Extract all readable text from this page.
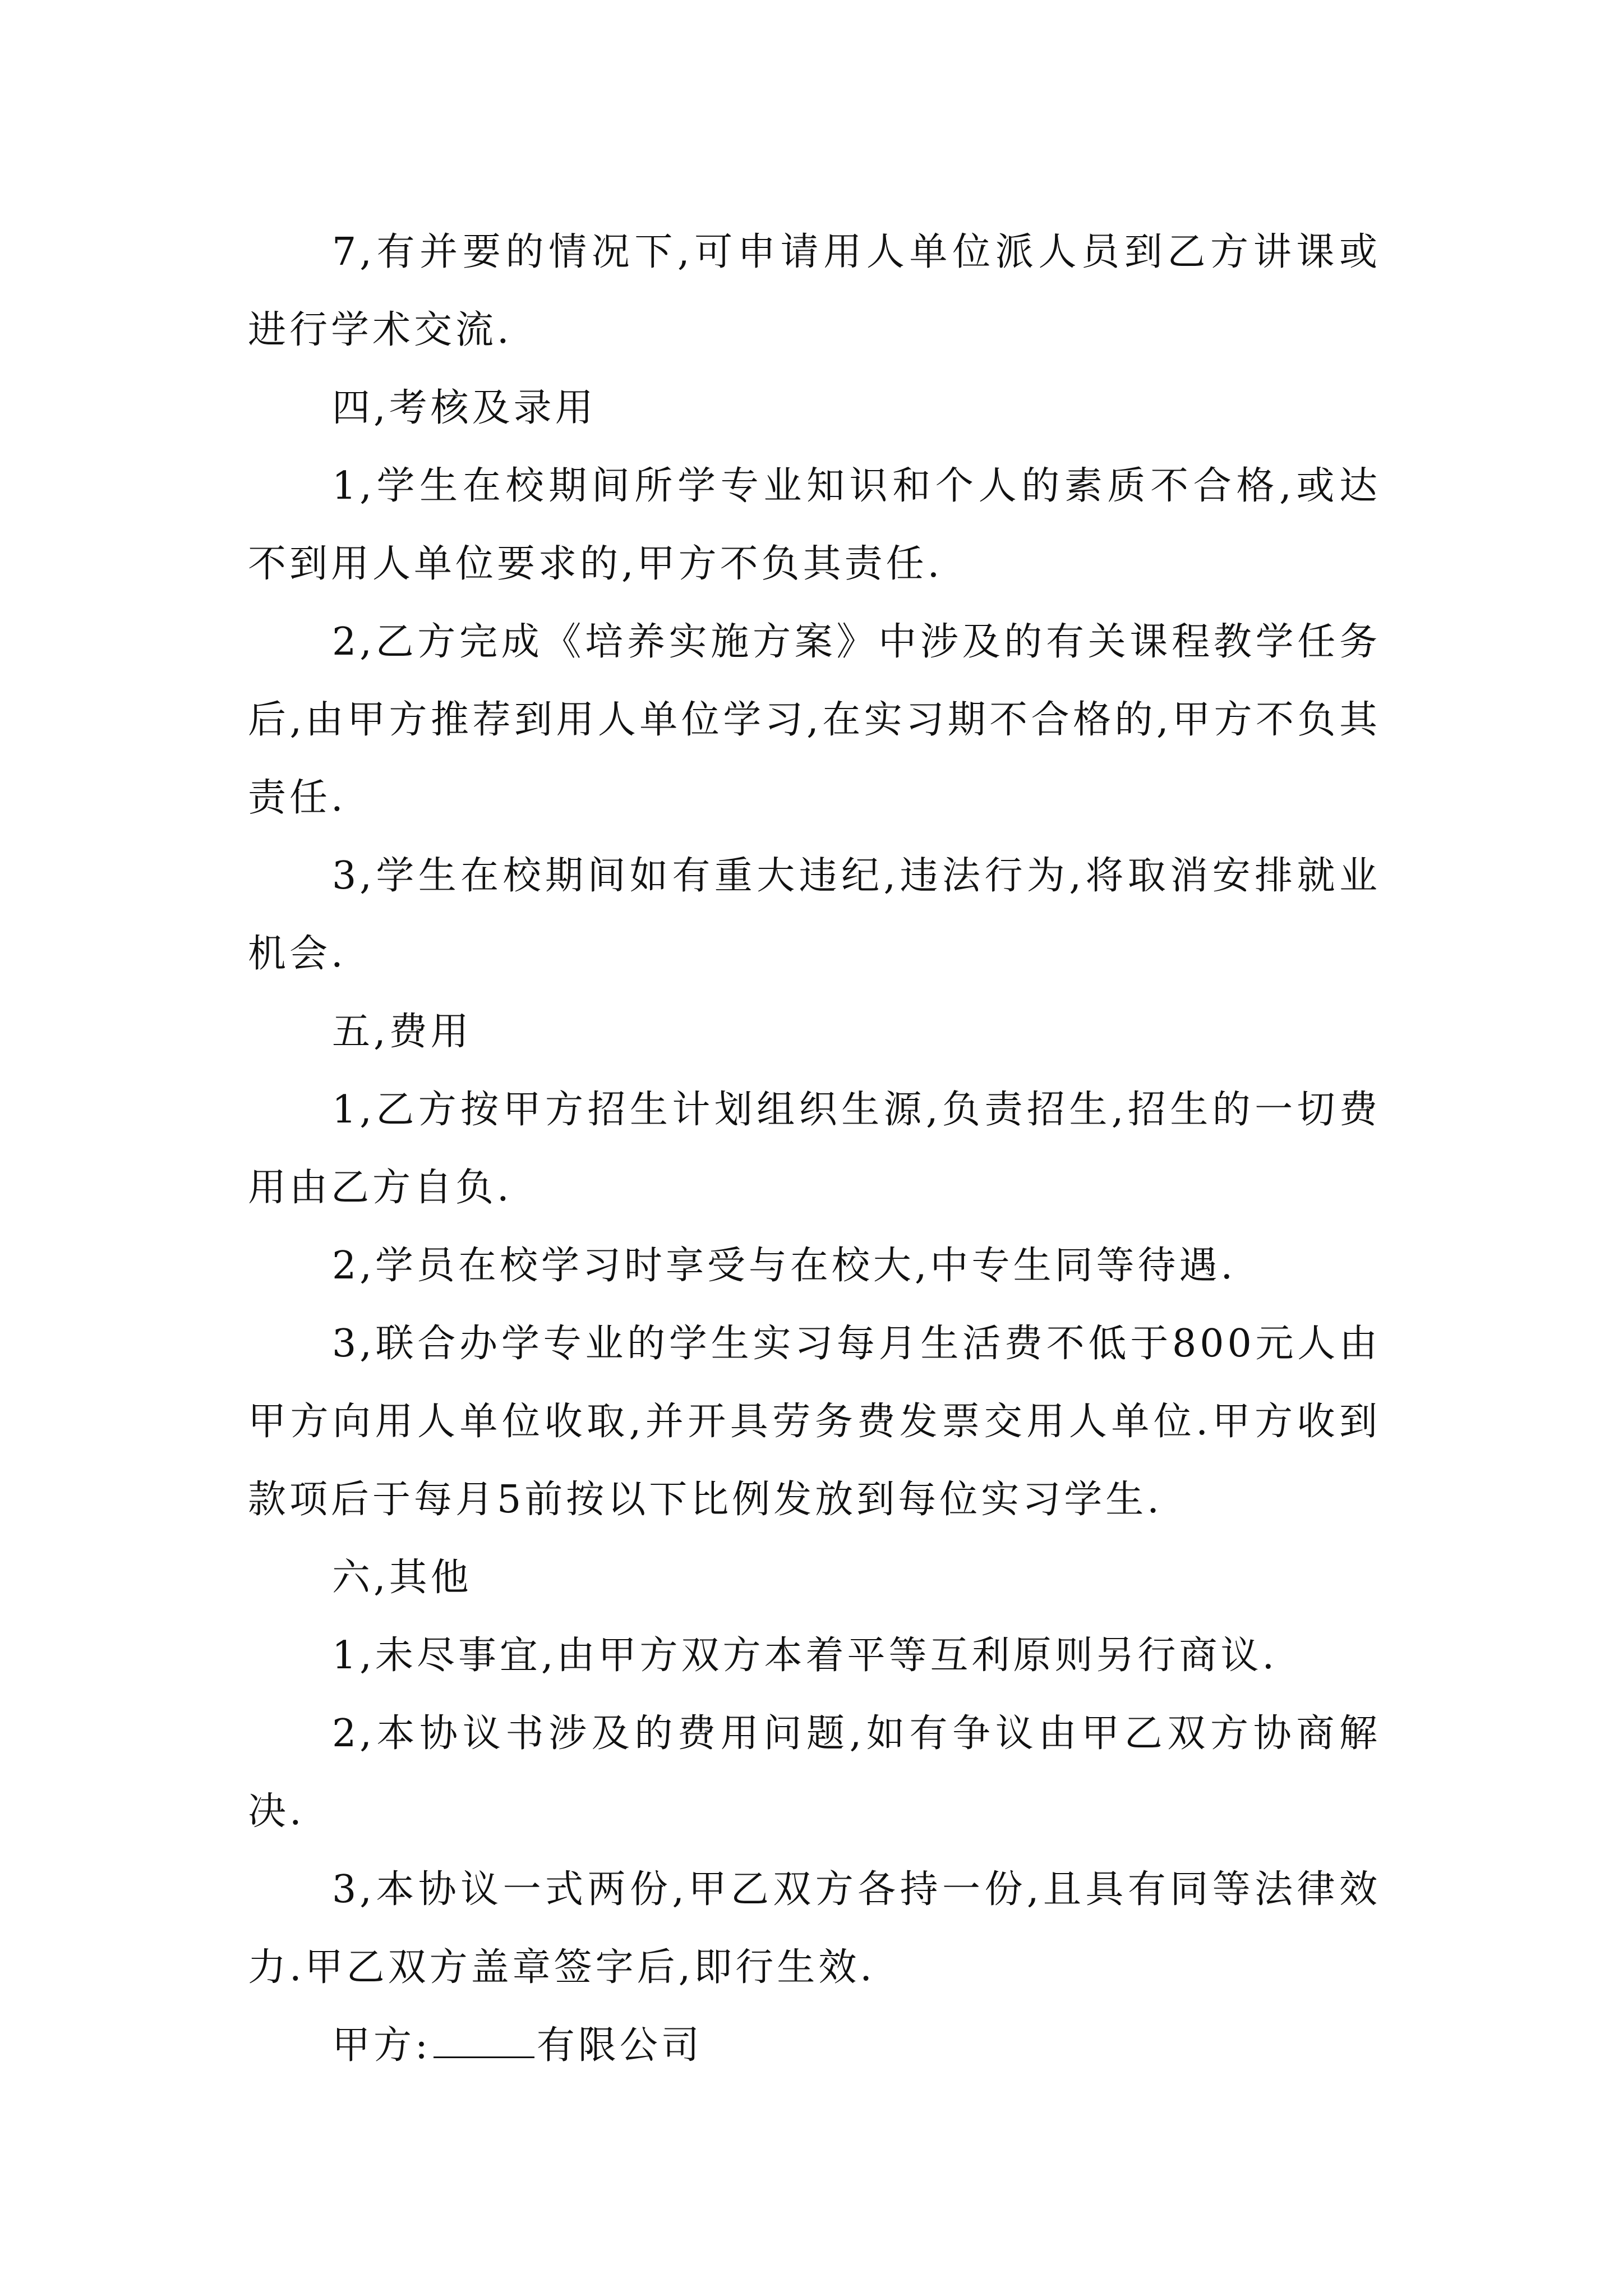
7,有并要的情况下,可申请用人单位派人员到乙方讲课或进行学术交流.

四,考核及录用

1,学生在校期间所学专业知识和个人的素质不合格,或达不到用人单位要求的,甲方不负其责任.

2,乙方完成《培养实施方案》中涉及的有关课程教学任务后,由甲方推荐到用人单位学习,在实习期不合格的,甲方不负其责任.

3,学生在校期间如有重大违纪,违法行为,将取消安排就业机会.

五,费用

1,乙方按甲方招生计划组织生源,负责招生,招生的一切费用由乙方自负.

2,学员在校学习时享受与在校大,中专生同等待遇.

3,联合办学专业的学生实习每月生活费不低于800元人由甲方向用人单位收取,并开具劳务费发票交用人单位.甲方收到款项后于每月5前按以下比例发放到每位实习学生.

六,其他

1,未尽事宜,由甲方双方本着平等互利原则另行商议.

2,本协议书涉及的费用问题,如有争议由甲乙双方协商解决.

3,本协议一式两份,甲乙双方各持一份,且具有同等法律效力.甲乙双方盖章签字后,即行生效.

甲方:	有限公司
